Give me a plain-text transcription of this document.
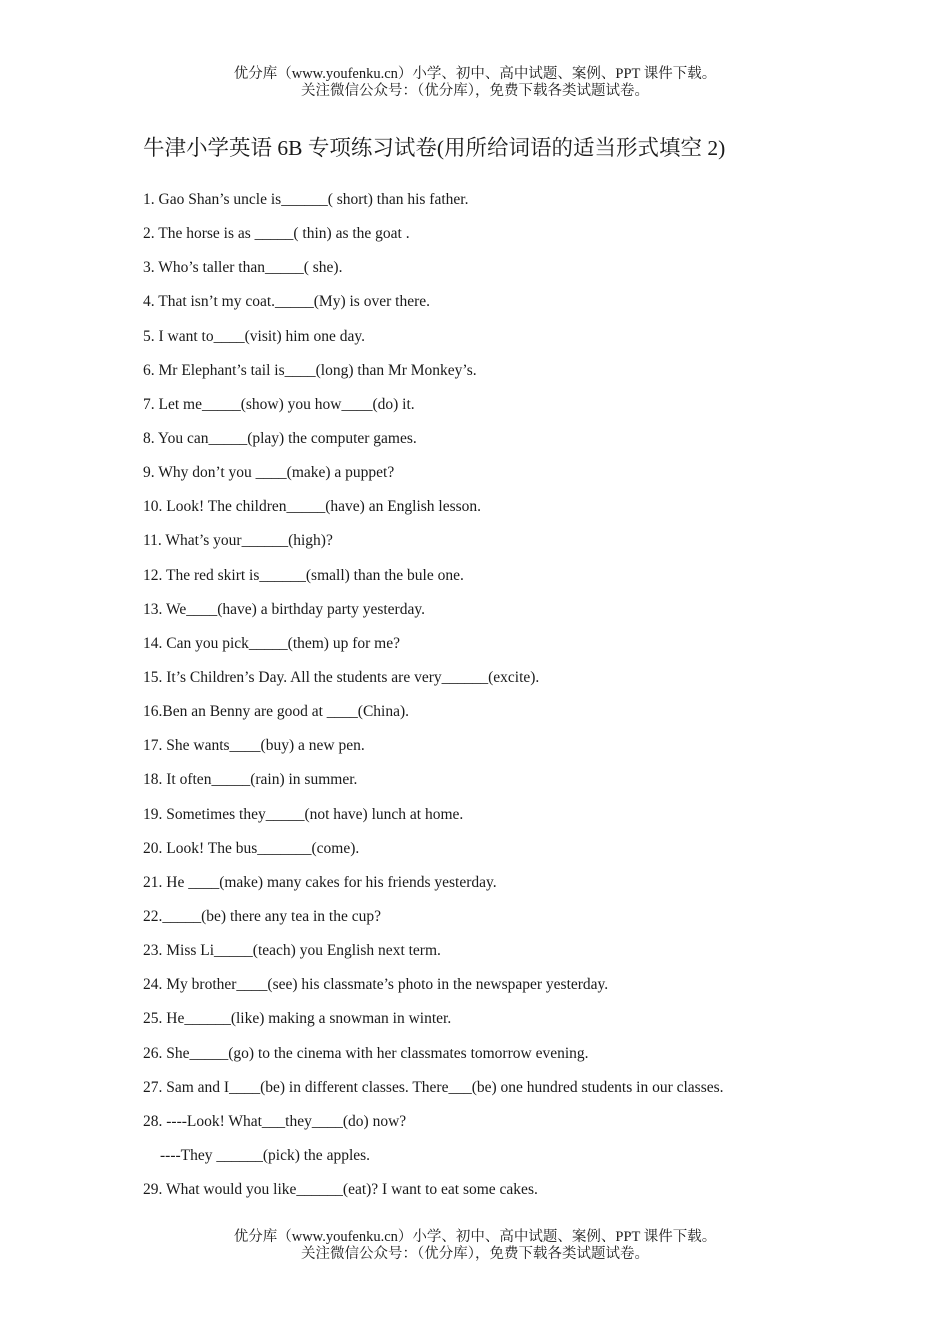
优分库（www.youfenku.cn）小学、初中、高中试题、案例、PPT 课件下载。
关注微信公众号：（优分库），免费下载各类试题试卷。
牛津小学英语 6B 专项练习试卷(用所给词语的适当形式填空 2)
1. Gao Shan’s uncle is______( short) than his father.
2. The horse is as _____( thin) as the goat .
3. Who’s taller than_____( she).
4. That isn’t my coat._____(My) is over there.
5. I want to____(visit) him one day.
6. Mr Elephant’s tail is____(long) than Mr Monkey’s.
7. Let me_____(show) you how____(do) it.
8. You can_____(play) the computer games.
9. Why don’t you ____(make) a puppet?
10. Look! The children_____(have) an English lesson.
11. What’s your______(high)?
12. The red skirt is______(small) than the bule one.
13. We____(have) a birthday party yesterday.
14. Can you pick_____(them) up for me?
15. It’s Children’s Day. All the students are very______(excite).
16.Ben an Benny are good at ____(China).
17. She wants____(buy) a new pen.
18. It often_____(rain) in summer.
19. Sometimes they_____(not have) lunch at home.
20. Look! The bus_______(come).
21. He ____(make) many cakes for his friends yesterday.
22._____(be) there any tea in the cup?
23. Miss Li_____(teach) you English next term.
24. My brother____(see) his classmate’s photo in the newspaper yesterday.
25. He______(like) making a snowman in winter.
26. She_____(go) to the cinema with her classmates tomorrow evening.
27. Sam and I____(be) in different classes. There___(be) one hundred students in our classes.
28. ----Look! What___they____(do) now?
----They ______(pick) the apples.
29. What would you like______(eat)? I want to eat some cakes.
优分库（www.youfenku.cn）小学、初中、高中试题、案例、PPT 课件下载。
关注微信公众号：（优分库），免费下载各类试题试卷。
